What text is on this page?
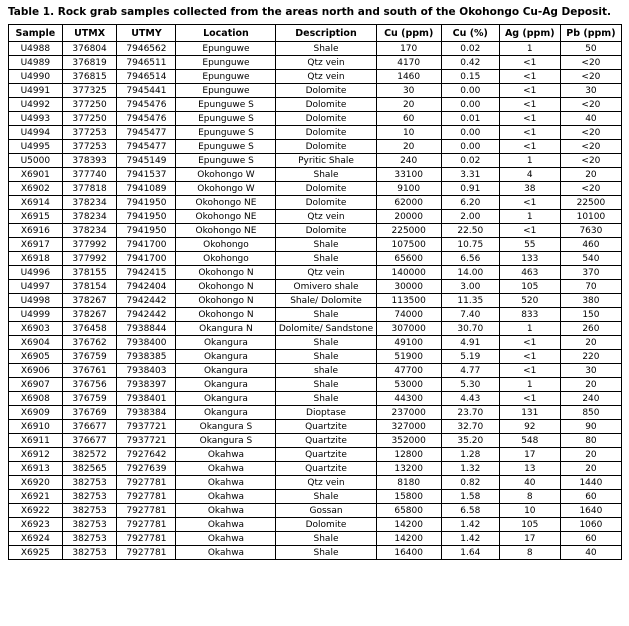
Table 1. Rock grab samples collected from the areas north and south of the Okohongo Cu-Ag Deposit.
Sample	UTMX	UTMY	Location	Description	Cu (ppm)	Cu (%)	Ag (ppm)	Pb (ppm)
U4988	376804	7946562	Epunguwe	Shale	170	0.02	1	50
U4989	376819	7946511	Epunguwe	Qtz vein	4170	0.42	<1	<20
U4990	376815	7946514	Epunguwe	Qtz vein	1460	0.15	<1	<20
U4991	377325	7945441	Epunguwe	Dolomite	30	0.00	<1	30
U4992	377250	7945476	Epunguwe S	Dolomite	20	0.00	<1	<20
U4993	377250	7945476	Epunguwe S	Dolomite	60	0.01	<1	40
U4994	377253	7945477	Epunguwe S	Dolomite	10	0.00	<1	<20
U4995	377253	7945477	Epunguwe S	Dolomite	20	0.00	<1	<20
U5000	378393	7945149	Epunguwe S	Pyritic Shale	240	0.02	1	<20
X6901	377740	7941537	Okohongo W	Shale	33100	3.31	4	20
X6902	377818	7941089	Okohongo W	Dolomite	9100	0.91	38	<20
X6914	378234	7941950	Okohongo NE	Dolomite	62000	6.20	<1	22500
X6915	378234	7941950	Okohongo NE	Qtz vein	20000	2.00	1	10100
X6916	378234	7941950	Okohongo NE	Dolomite	225000	22.50	<1	7630
X6917	377992	7941700	Okohongo	Shale	107500	10.75	55	460
X6918	377992	7941700	Okohongo	Shale	65600	6.56	133	540
U4996	378155	7942415	Okohongo N	Qtz vein	140000	14.00	463	370
U4997	378154	7942404	Okohongo N	Omivero shale	30000	3.00	105	70
U4998	378267	7942442	Okohongo N	Shale/ Dolomite	113500	11.35	520	380
U4999	378267	7942442	Okohongo N	Shale	74000	7.40	833	150
X6903	376458	7938844	Okangura N	Dolomite/ Sandstone	307000	30.70	1	260
X6904	376762	7938400	Okangura	Shale	49100	4.91	<1	20
X6905	376759	7938385	Okangura	Shale	51900	5.19	<1	220
X6906	376761	7938403	Okangura	shale	47700	4.77	<1	30
X6907	376756	7938397	Okangura	Shale	53000	5.30	1	20
X6908	376759	7938401	Okangura	Shale	44300	4.43	<1	240
X6909	376769	7938384	Okangura	Dioptase	237000	23.70	131	850
X6910	376677	7937721	Okangura S	Quartzite	327000	32.70	92	90
X6911	376677	7937721	Okangura S	Quartzite	352000	35.20	548	80
X6912	382572	7927642	Okahwa	Quartzite	12800	1.28	17	20
X6913	382565	7927639	Okahwa	Quartzite	13200	1.32	13	20
X6920	382753	7927781	Okahwa	Qtz vein	8180	0.82	40	1440
X6921	382753	7927781	Okahwa	Shale	15800	1.58	8	60
X6922	382753	7927781	Okahwa	Gossan	65800	6.58	10	1640
X6923	382753	7927781	Okahwa	Dolomite	14200	1.42	105	1060
X6924	382753	7927781	Okahwa	Shale	14200	1.42	17	60
X6925	382753	7927781	Okahwa	Shale	16400	1.64	8	40
